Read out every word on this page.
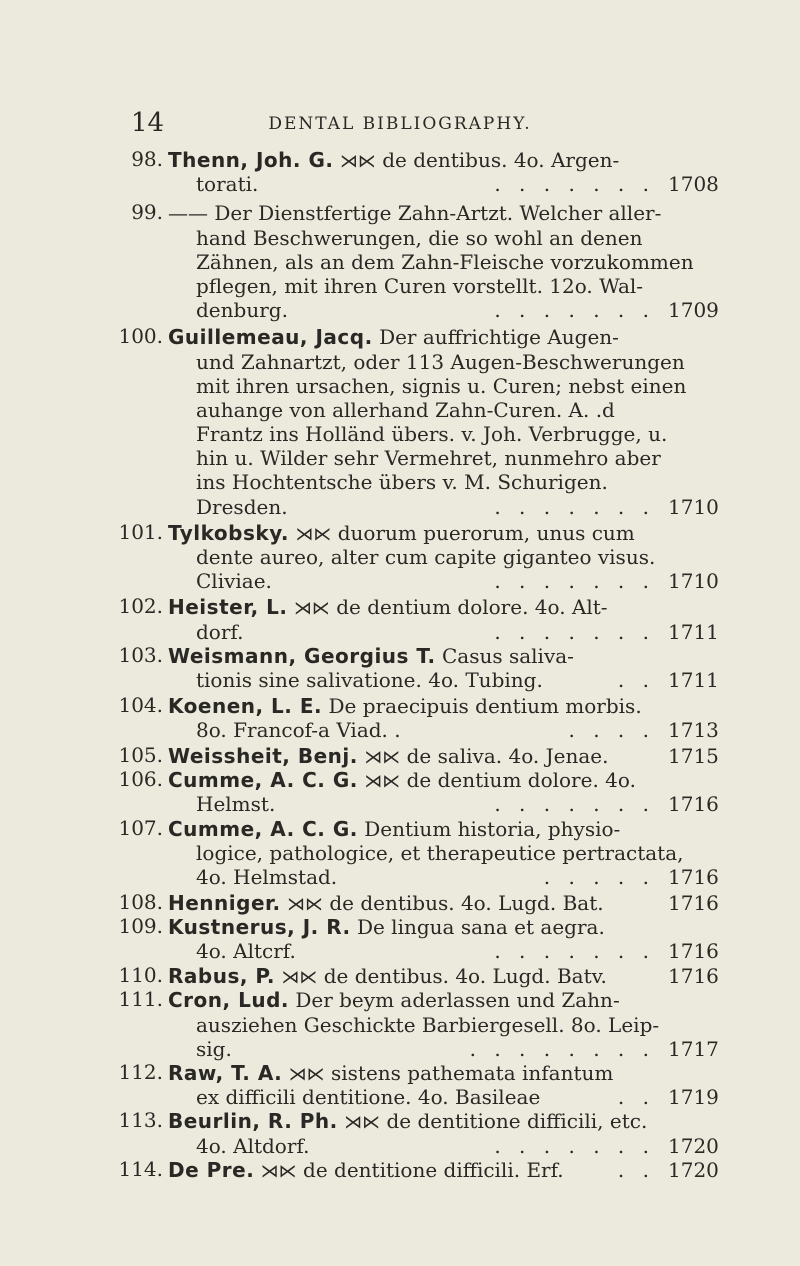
14	DENTAL BIBLIOGRAPHY.
98. Thenn, Joh. G. ⋊⋉ de dentibus. 4o. Argen-
torati.	. . . . . . . 1708
99. —— Der Dienstfertige Zahn-Artzt. Welcher aller-
hand Beschwerungen, die so wohl an denen
Zähnen, als an dem Zahn-Fleische vorzukommen
pflegen, mit ihren Curen vorstellt. 12o. Wal-
denburg.	. . . . . . . 1709
100. Guillemeau, Jacq. Der auffrichtige Augen-
und Zahnartzt, oder 113 Augen-Beschwerungen
mit ihren ursachen, signis u. Curen; nebst einen
auhange von allerhand Zahn-Curen. A. .d
Frantz ins Holländ übers. v. Joh. Verbrugge, u.
hin u. Wilder sehr Vermehret, nunmehro aber
ins Hochtentsche übers v. M. Schurigen.
Dresden.	. . . . . . . 1710
101. Tylkobsky. ⋊⋉ duorum puerorum, unus cum
dente aureo, alter cum capite giganteo visus.
Cliviae.	. . . . . . . 1710
102. Heister, L. ⋊⋉ de dentium dolore. 4o. Alt-
dorf.	. . . . . . . 1711
103. Weismann, Georgius T. Casus saliva-
tionis sine salivatione. 4o. Tubing.	. . 1711
104. Koenen, L. E. De praecipuis dentium morbis.
8o. Francof-a Viad. .	. . . . 1713
105. Weissheit, Benj. ⋊⋉ de saliva. 4o. Jenae.	1715
106. Cumme, A. C. G. ⋊⋉ de dentium dolore. 4o.
Helmst.	. . . . . . . 1716
107. Cumme, A. C. G. Dentium historia, physio-
logice, pathologice, et therapeutice pertractata,
4o. Helmstad.	. . . . . 1716
108. Henniger. ⋊⋉ de dentibus. 4o. Lugd. Bat.	1716
109. Kustnerus, J. R. De lingua sana et aegra.
4o. Altcrf.	. . . . . . . 1716
110. Rabus, P. ⋊⋉ de dentibus. 4o. Lugd. Batv.	1716
111. Cron, Lud. Der beym aderlassen und Zahn-
ausziehen Geschickte Barbiergesell. 8o. Leip-
sig.	. . . . . . . . 1717
112. Raw, T. A. ⋊⋉ sistens pathemata infantum
ex difficili dentitione. 4o. Basileae	. . 1719
113. Beurlin, R. Ph. ⋊⋉ de dentitione difficili, etc.
4o. Altdorf.	. . . . . . . 1720
114. De Pre. ⋊⋉ de dentitione difficili. Erf.	. . 1720
